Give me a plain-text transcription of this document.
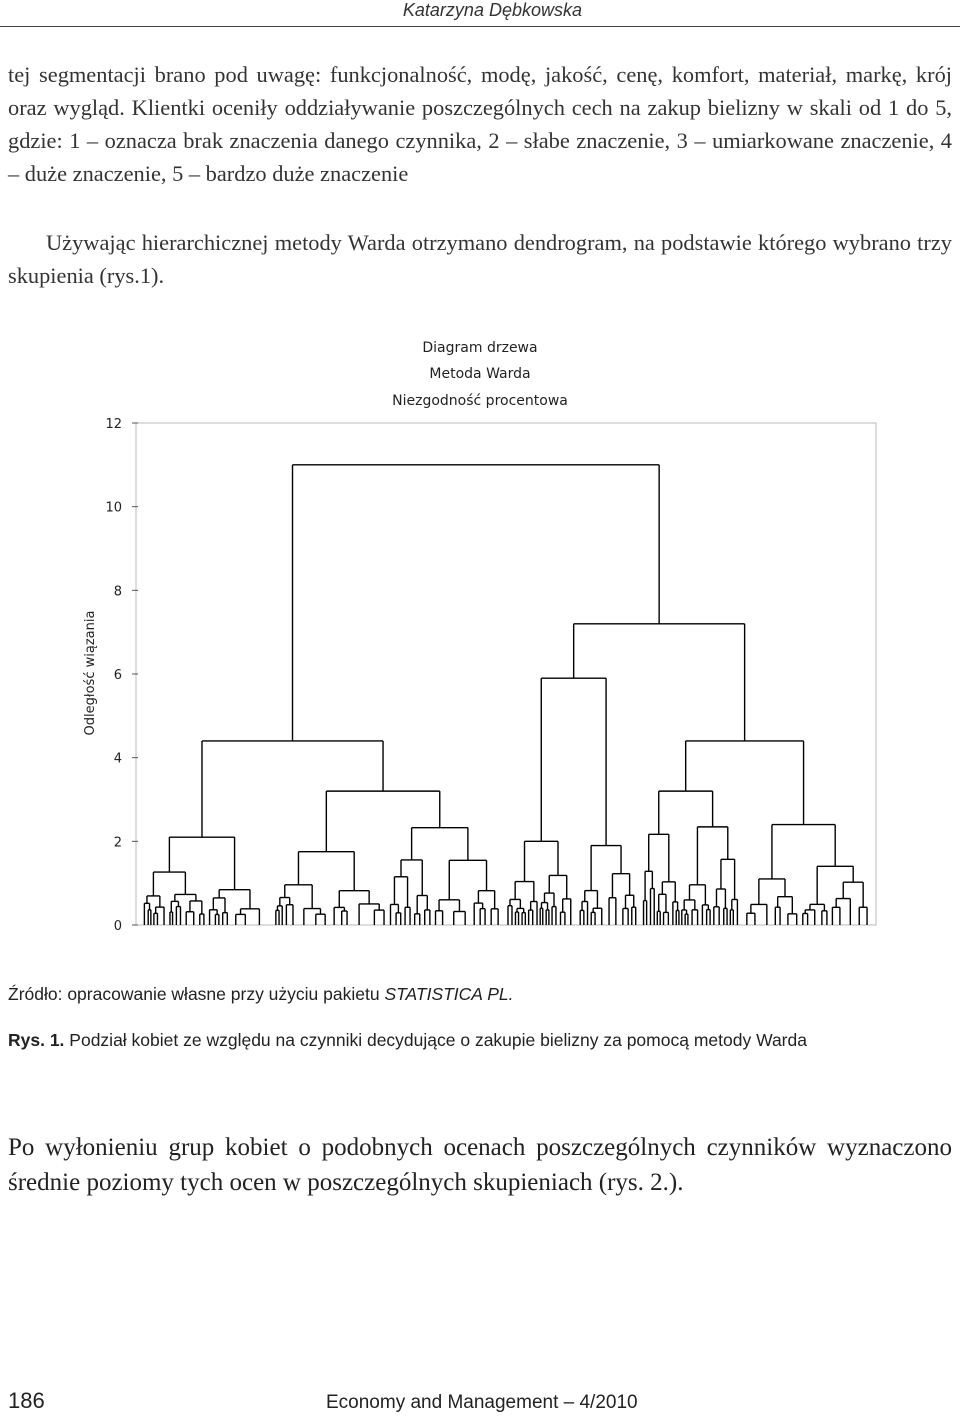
Katarzyna Dębkowska
tej segmentacji brano pod uwagę: funkcjonalność, modę, jakość, cenę, komfort, materiał, markę, krój oraz wygląd. Klientki oceniły oddziaływanie poszczególnych cech na zakup bielizny w skali od 1 do 5, gdzie: 1 – oznacza brak znaczenia danego czynnika, 2 – słabe znaczenie, 3 – umiarkowane znaczenie, 4 – duże znaczenie, 5 – bardzo duże znaczenie
Używając hierarchicznej metody Warda otrzymano dendrogram, na podstawie którego wybrano trzy skupienia (rys.1).
Diagram drzewa
Metoda Warda
Niezgodność procentowa
Odległość wiązania
0
2
4
6
8
10
12
Źródło: opracowanie własne przy użyciu pakietu STATISTICA PL.
Rys. 1. Podział kobiet ze względu na czynniki decydujące o zakupie bielizny za pomocą metody Warda
Po wyłonieniu grup kobiet o podobnych ocenach poszczególnych czynników wyznaczono średnie poziomy tych ocen w poszczególnych skupieniach (rys. 2.).
186	Economy and Management – 4/2010
